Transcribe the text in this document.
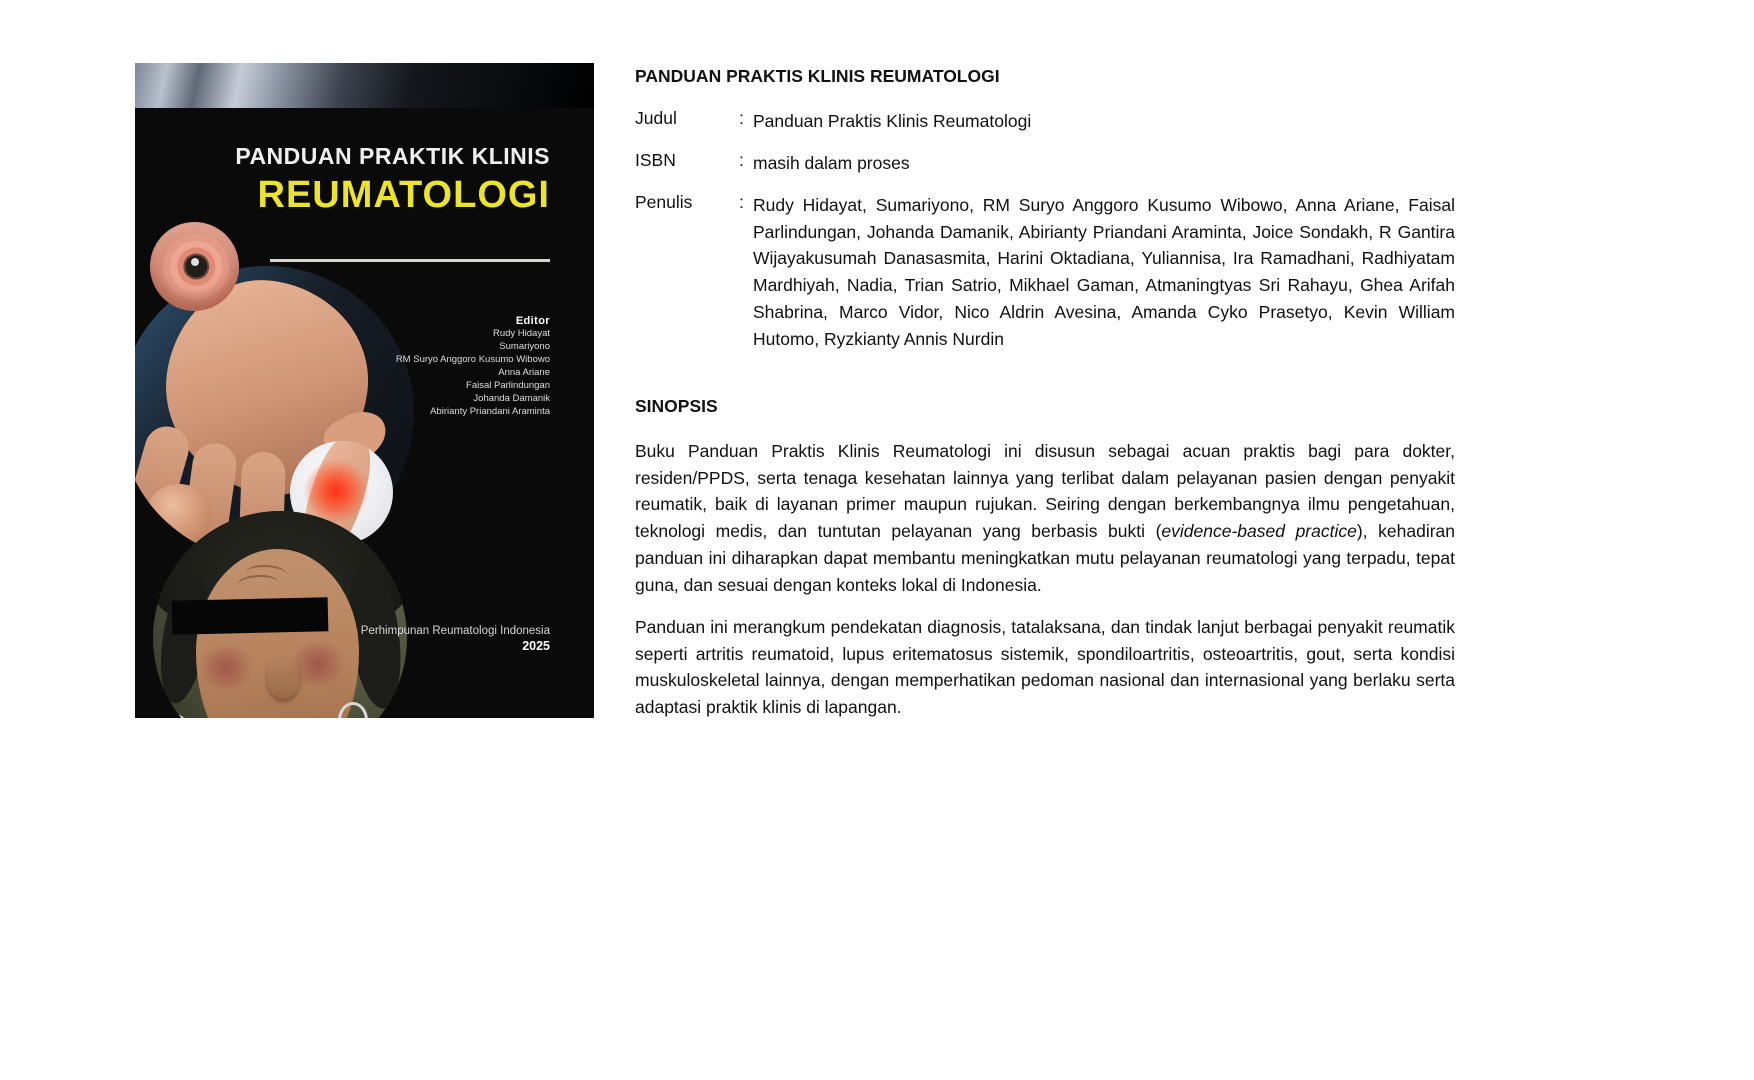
PANDUAN PRAKTIK KLINIS
REUMATOLOGI
Editor
Rudy Hidayat
Sumariyono
RM Suryo Anggoro Kusumo Wibowo
Anna Ariane
Faisal Parlindungan
Johanda Damanik
Abirianty Priandani Araminta
Perhimpunan Reumatologi Indonesia
2025
PANDUAN PRAKTIS KLINIS REUMATOLOGI
Judul	: Panduan Praktis Klinis Reumatologi
ISBN	: masih dalam proses
Penulis	: Rudy Hidayat, Sumariyono, RM Suryo Anggoro Kusumo Wibowo, Anna Ariane, Faisal Parlindungan, Johanda Damanik, Abirianty Priandani Araminta, Joice Sondakh, R Gantira Wijayakusumah Danasasmita, Harini Oktadiana, Yuliannisa, Ira Ramadhani, Radhiyatam Mardhiyah, Nadia, Trian Satrio, Mikhael Gaman, Atmaningtyas Sri Rahayu, Ghea Arifah Shabrina, Marco Vidor, Nico Aldrin Avesina, Amanda Cyko Prasetyo, Kevin William Hutomo, Ryzkianty Annis Nurdin
SINOPSIS

Buku Panduan Praktis Klinis Reumatologi ini disusun sebagai acuan praktis bagi para dokter, residen/PPDS, serta tenaga kesehatan lainnya yang terlibat dalam pelayanan pasien dengan penyakit reumatik, baik di layanan primer maupun rujukan. Seiring dengan berkembangnya ilmu pengetahuan, teknologi medis, dan tuntutan pelayanan yang berbasis bukti (evidence-based practice), kehadiran panduan ini diharapkan dapat membantu meningkatkan mutu pelayanan reumatologi yang terpadu, tepat guna, dan sesuai dengan konteks lokal di Indonesia.

Panduan ini merangkum pendekatan diagnosis, tatalaksana, dan tindak lanjut berbagai penyakit reumatik seperti artritis reumatoid, lupus eritematosus sistemik, spondiloartritis, osteoartritis, gout, serta kondisi muskuloskeletal lainnya, dengan memperhatikan pedoman nasional dan internasional yang berlaku serta adaptasi praktik klinis di lapangan.
